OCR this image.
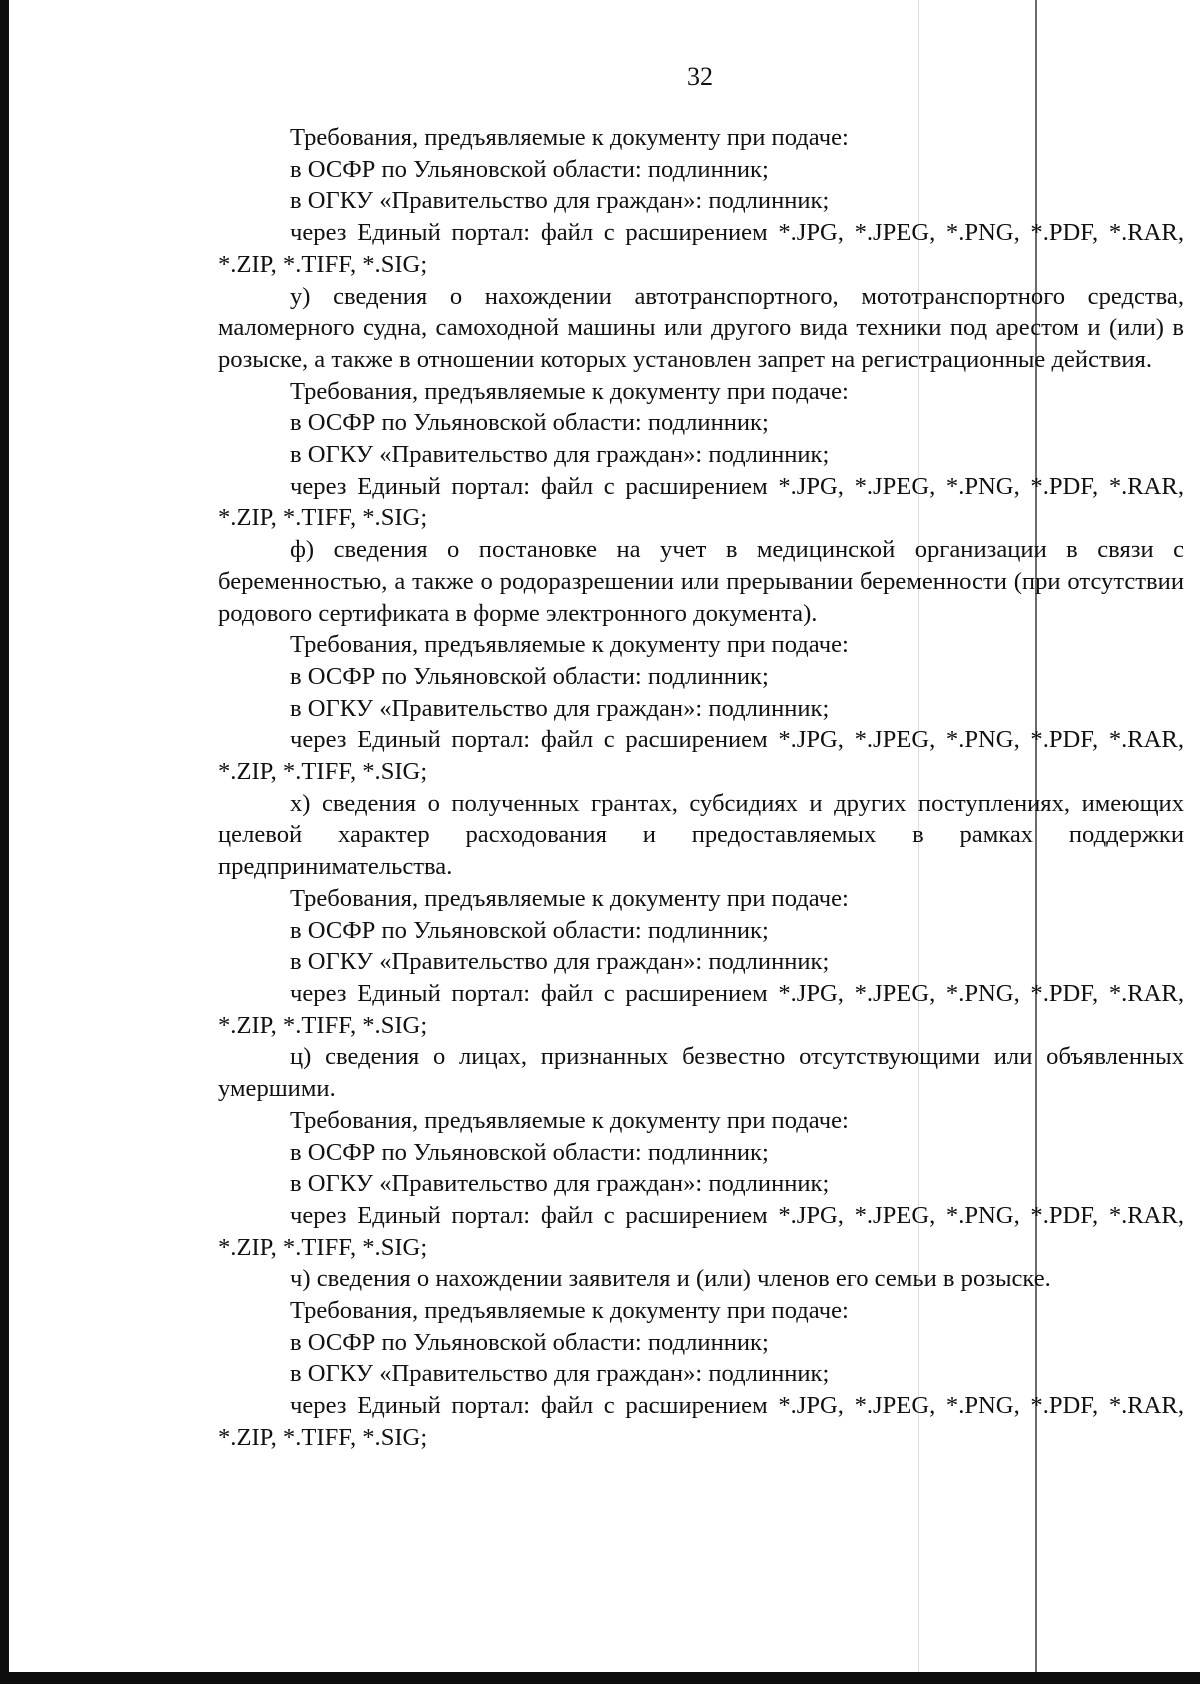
32

Требования, предъявляемые к документу при подаче:

в ОСФР по Ульяновской области: подлинник;

в ОГКУ «Правительство для граждан»: подлинник;

через Единый портал: файл с расширением *.JPG, *.JPEG, *.PNG, *.PDF, *.RAR, *.ZIP, *.TIFF, *.SIG;

у) сведения о нахождении автотранспортного, мототранспортного средства, маломерного судна, самоходной машины или другого вида техники под арестом и (или) в розыске, а также в отношении которых установлен запрет на регистрационные действия.

Требования, предъявляемые к документу при подаче:

в ОСФР по Ульяновской области: подлинник;

в ОГКУ «Правительство для граждан»: подлинник;

через Единый портал: файл с расширением *.JPG, *.JPEG, *.PNG, *.PDF, *.RAR, *.ZIP, *.TIFF, *.SIG;

ф) сведения о постановке на учет в медицинской организации в связи с беременностью, а также о родоразрешении или прерывании беременности (при отсутствии родового сертификата в форме электронного документа).

Требования, предъявляемые к документу при подаче:

в ОСФР по Ульяновской области: подлинник;

в ОГКУ «Правительство для граждан»: подлинник;

через Единый портал: файл с расширением *.JPG, *.JPEG, *.PNG, *.PDF, *.RAR, *.ZIP, *.TIFF, *.SIG;

х) сведения о полученных грантах, субсидиях и других поступлениях, имеющих целевой характер расходования и предоставляемых в рамках поддержки предпринимательства.

Требования, предъявляемые к документу при подаче:

в ОСФР по Ульяновской области: подлинник;

в ОГКУ «Правительство для граждан»: подлинник;

через Единый портал: файл с расширением *.JPG, *.JPEG, *.PNG, *.PDF, *.RAR, *.ZIP, *.TIFF, *.SIG;

ц) сведения о лицах, признанных безвестно отсутствующими или объявленных умершими.

Требования, предъявляемые к документу при подаче:

в ОСФР по Ульяновской области: подлинник;

в ОГКУ «Правительство для граждан»: подлинник;

через Единый портал: файл с расширением *.JPG, *.JPEG, *.PNG, *.PDF, *.RAR, *.ZIP, *.TIFF, *.SIG;

ч) сведения о нахождении заявителя и (или) членов его семьи в розыске.

Требования, предъявляемые к документу при подаче:

в ОСФР по Ульяновской области: подлинник;

в ОГКУ «Правительство для граждан»: подлинник;

через Единый портал: файл с расширением *.JPG, *.JPEG, *.PNG, *.PDF, *.RAR, *.ZIP, *.TIFF, *.SIG;
